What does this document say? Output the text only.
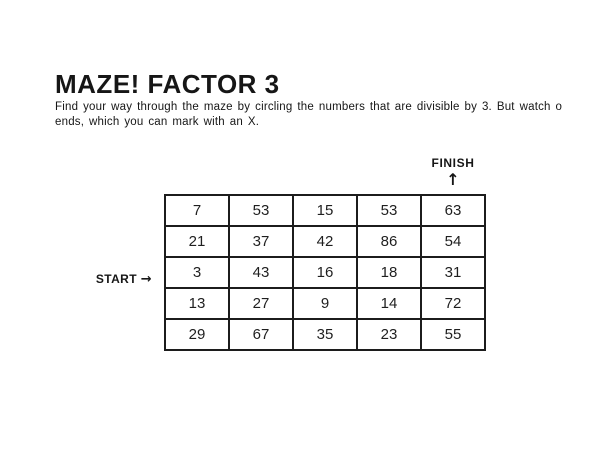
MAZE! FACTOR 3
Find your way through the maze by circling the numbers that are divisible by 3. But watch o
ends, which you can mark with an X.
FINISH
↑
START →
7	53	15	53	63
21	37	42	86	54
3	43	16	18	31
13	27	9	14	72
29	67	35	23	55
